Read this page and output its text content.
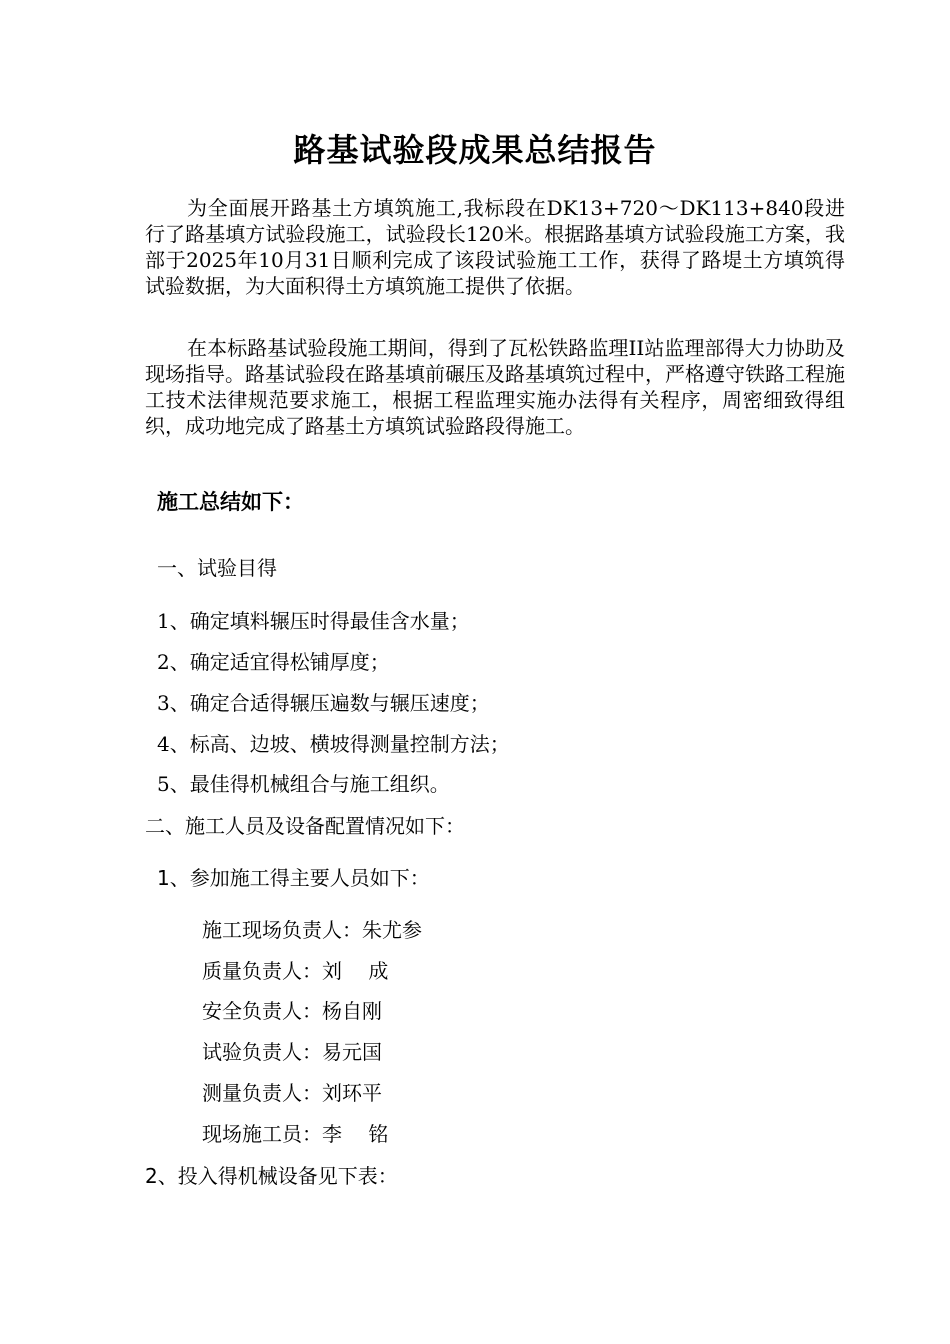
路基试验段成果总结报告

为全面展开路基土方填筑施工,我标段在DK13+720～DK113+840段进行了路基填方试验段施工，试验段长120米。根据路基填方试验段施工方案，我部于2025年10月31日顺利完成了该段试验施工工作，获得了路堤土方填筑得试验数据，为大面积得土方填筑施工提供了依据。

在本标路基试验段施工期间，得到了瓦松铁路监理II站监理部得大力协助及现场指导。路基试验段在路基填前碾压及路基填筑过程中，严格遵守铁路工程施工技术法律规范要求施工，根据工程监理实施办法得有关程序，周密细致得组织，成功地完成了路基土方填筑试验路段得施工。

施工总结如下：
一、试验目得
1、确定填料辗压时得最佳含水量；
2、确定适宜得松铺厚度；
3、确定合适得辗压遍数与辗压速度；
4、标高、边坡、横坡得测量控制方法；
5、最佳得机械组合与施工组织。
二、施工人员及设备配置情况如下：
1、参加施工得主要人员如下：
施工现场负责人：朱尤参
质量负责人：刘　 成
安全负责人：杨自刚
试验负责人：易元国
测量负责人：刘环平
现场施工员：李　 铭
2、投入得机械设备见下表：
